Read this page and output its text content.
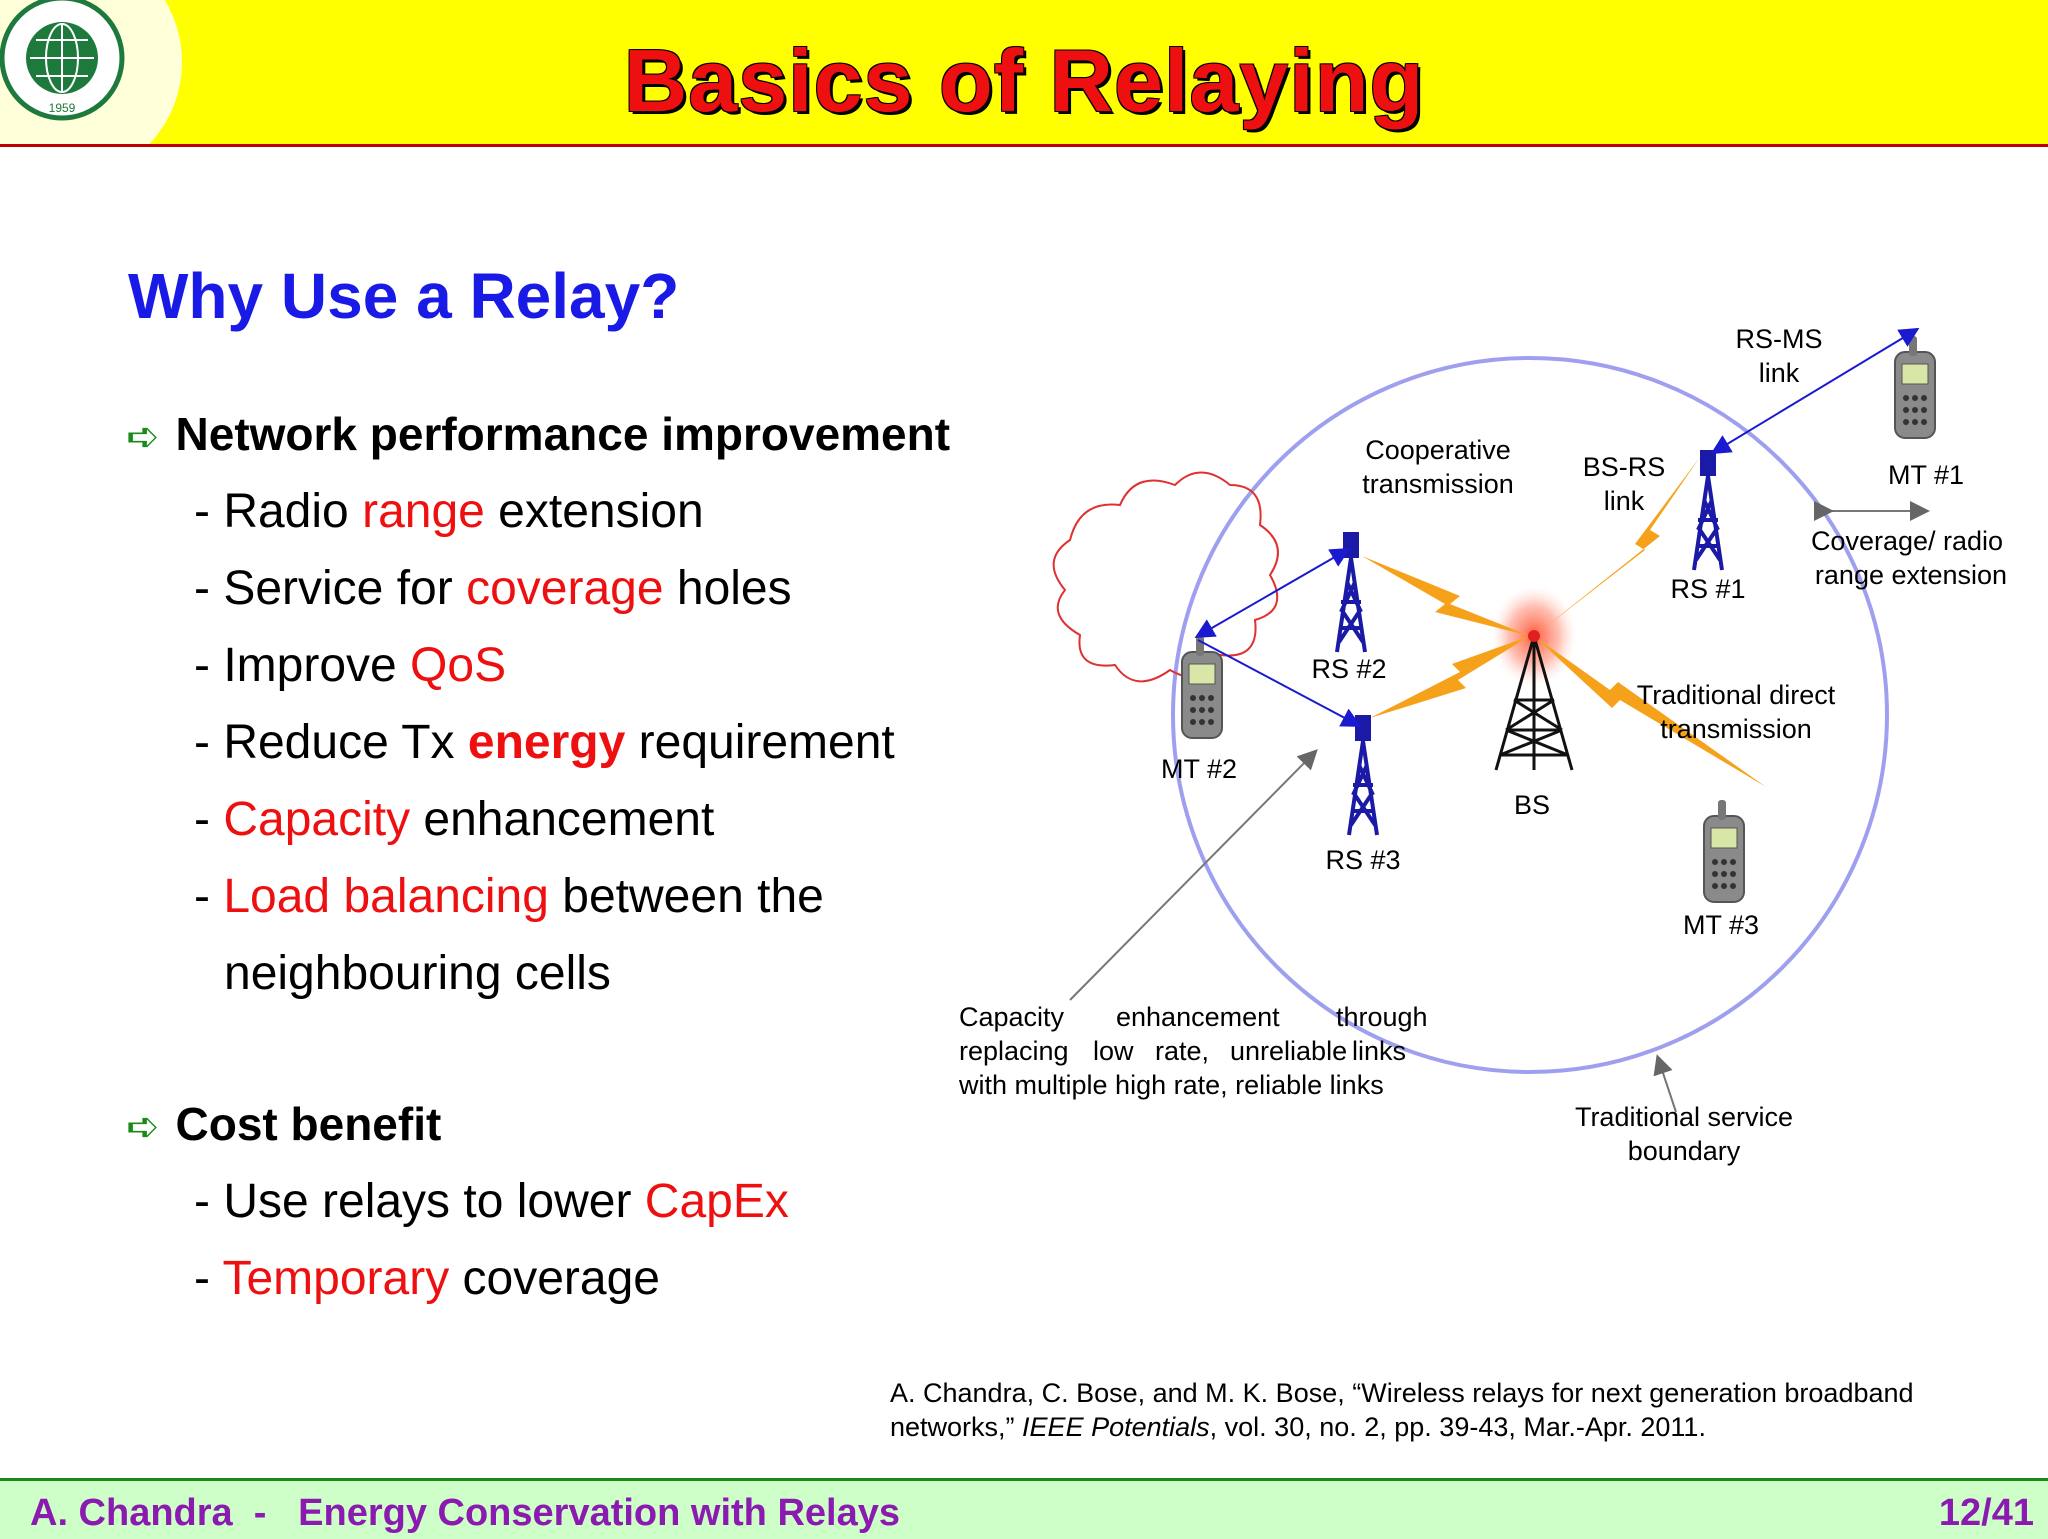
1959	Basics of Relaying
Why Use a Relay?
➪ Network performance improvement
- Radio range extension
- Service for coverage holes
- Improve QoS
- Reduce Tx energy requirement
- Capacity enhancement
- Load balancing between the
neighbouring cells
➪ Cost benefit
- Use relays to lower CapEx
- Temporary coverage
RS-MS
link
Cooperative
transmission
BS-RS
link
MT #1
Coverage/ radio
range extension
RS #1
RS #2
MT #2
BS
Traditional direct
transmission
RS #3
MT #3
Traditional service
boundary
Capacity enhancement through
replacing low rate, unreliable links
with multiple high rate, reliable links
A. Chandra, C. Bose, and M. K. Bose, “Wireless relays for next generation broadband networks,” IEEE Potentials, vol. 30, no. 2, pp. 39-43, Mar.-Apr. 2011.
A. Chandra  -   Energy Conservation with Relays	12/41
